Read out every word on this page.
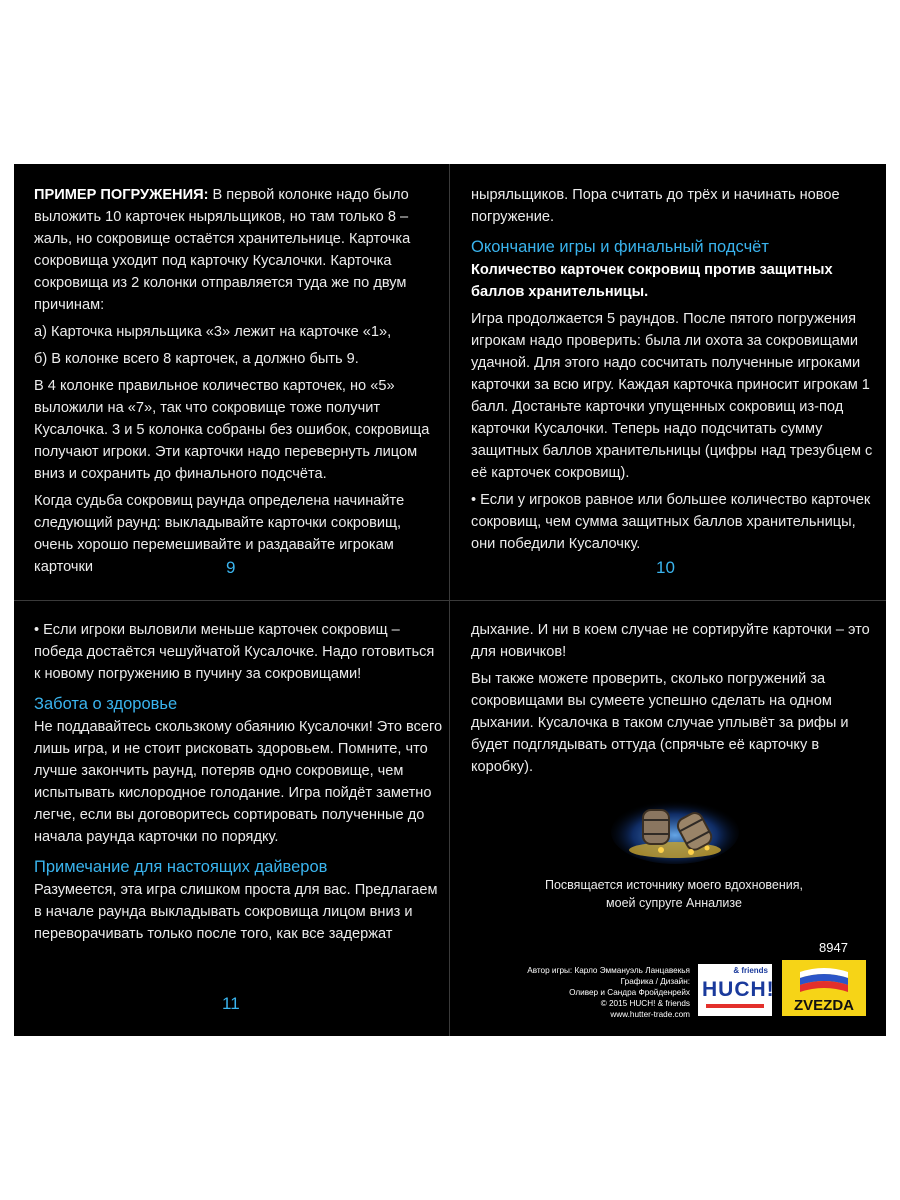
ПРИМЕР ПОГРУЖЕНИЯ: В первой колонке надо было выложить 10 карточек ныряльщиков, но там только 8 – жаль, но сокровище остаётся хранительнице. Карточка сокровища уходит под карточку Кусалочки. Карточка сокровища из 2 колонки отправляется туда же по двум причинам:

а) Карточка ныряльщика «3» лежит на карточке «1»,

б) В колонке всего 8 карточек, а должно быть 9.

В 4 колонке правильное количество карточек, но «5» выложили на «7», так что сокровище тоже получит Кусалочка. 3 и 5 колонка собраны без ошибок, сокровища получают игроки. Эти карточки надо перевернуть лицом вниз и сохранить до финального подсчёта.

Когда судьба сокровищ раунда определена начинайте следующий раунд: выкладывайте карточки сокровищ, очень хорошо перемешивайте и раздавайте игрокам карточки	9

ныряльщиков. Пора считать до трёх и начинать новое погружение.

Окончание игры и финальный подсчёт

Количество карточек сокровищ против защитных баллов хранительницы.

Игра продолжается 5 раундов. После пятого погружения игрокам надо проверить: была ли охота за сокровищами удачной. Для этого надо сосчитать полученные игроками карточки за всю игру. Каждая карточка приносит игрокам 1 балл. Достаньте карточки упущенных сокровищ из-под карточки Кусалочки. Теперь надо подсчитать сумму защитных баллов хранительницы (цифры над трезубцем с её карточек сокровищ).

• Если у игроков равное или большее количество карточек сокровищ, чем сумма защитных баллов хранительницы, они победили Кусалочку.

10

• Если игроки выловили меньше карточек сокровищ – победа достаётся чешуйчатой Кусалочке. Надо готовиться к новому погружению в пучину за сокровищами!

Забота о здоровье

Не поддавайтесь скользкому обаянию Кусалочки! Это всего лишь игра, и не стоит рисковать здоровьем. Помните, что лучше закончить раунд, потеряв одно сокровище, чем испытывать кислородное голодание. Игра пойдёт заметно легче, если вы договоритесь сортировать полученные до начала раунда карточки по порядку.

Примечание для настоящих дайверов

Разумеется, эта игра слишком проста для вас. Предлагаем в начале раунда выкладывать сокровища лицом вниз и переворачивать только после того, как все задержат

11

дыхание. И ни в коем случае не сортируйте карточки – это для новичков!

Вы также можете проверить, сколько погружений за сокровищами вы сумеете успешно сделать на одном дыхании. Кусалочка в таком случае уплывёт за рифы и будет подглядывать оттуда (спрячьте её карточку в коробку).

Посвящается источнику моего вдохновения,
моей супруге Аннализе
8947
Автор игры: Карло Эммануэль Ланцавекья
Графика / Дизайн:
Оливер и Сандра Фройденрейх
© 2015 HUCH! & friends
www.hutter-trade.com
& friends
HUCH!
ZVEZDA
